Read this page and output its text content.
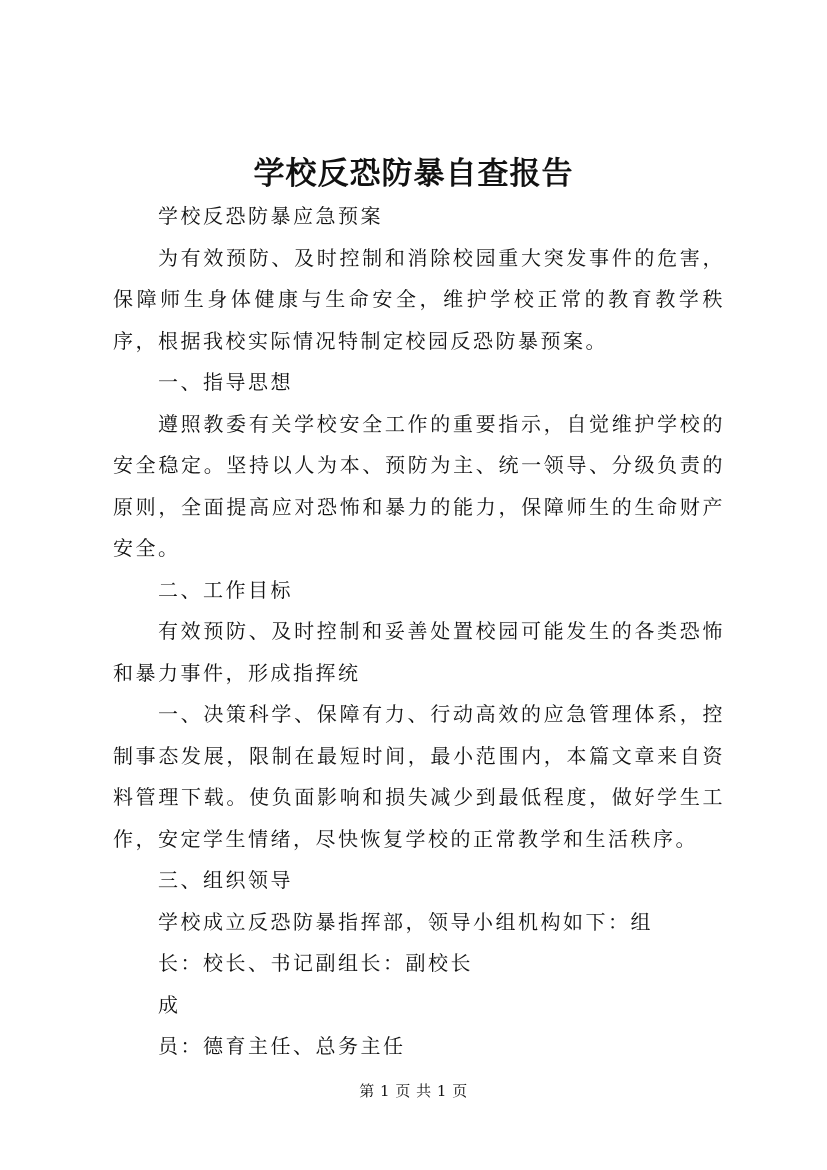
学校反恐防暴自查报告

学校反恐防暴应急预案

为有效预防、及时控制和消除校园重大突发事件的危害，保障师生身体健康与生命安全，维护学校正常的教育教学秩序，根据我校实际情况特制定校园反恐防暴预案。

一、指导思想

遵照教委有关学校安全工作的重要指示，自觉维护学校的安全稳定。坚持以人为本、预防为主、统一领导、分级负责的原则，全面提高应对恐怖和暴力的能力，保障师生的生命财产安全。

二、工作目标

有效预防、及时控制和妥善处置校园可能发生的各类恐怖和暴力事件，形成指挥统

一、决策科学、保障有力、行动高效的应急管理体系，控制事态发展，限制在最短时间，最小范围内，本篇文章来自资料管理下载。使负面影响和损失减少到最低程度，做好学生工作，安定学生情绪，尽快恢复学校的正常教学和生活秩序。

三、组织领导

学校成立反恐防暴指挥部，领导小组机构如下：组

长：校长、书记副组长：副校长

成

员：德育主任、总务主任

第 1 页 共 1 页
